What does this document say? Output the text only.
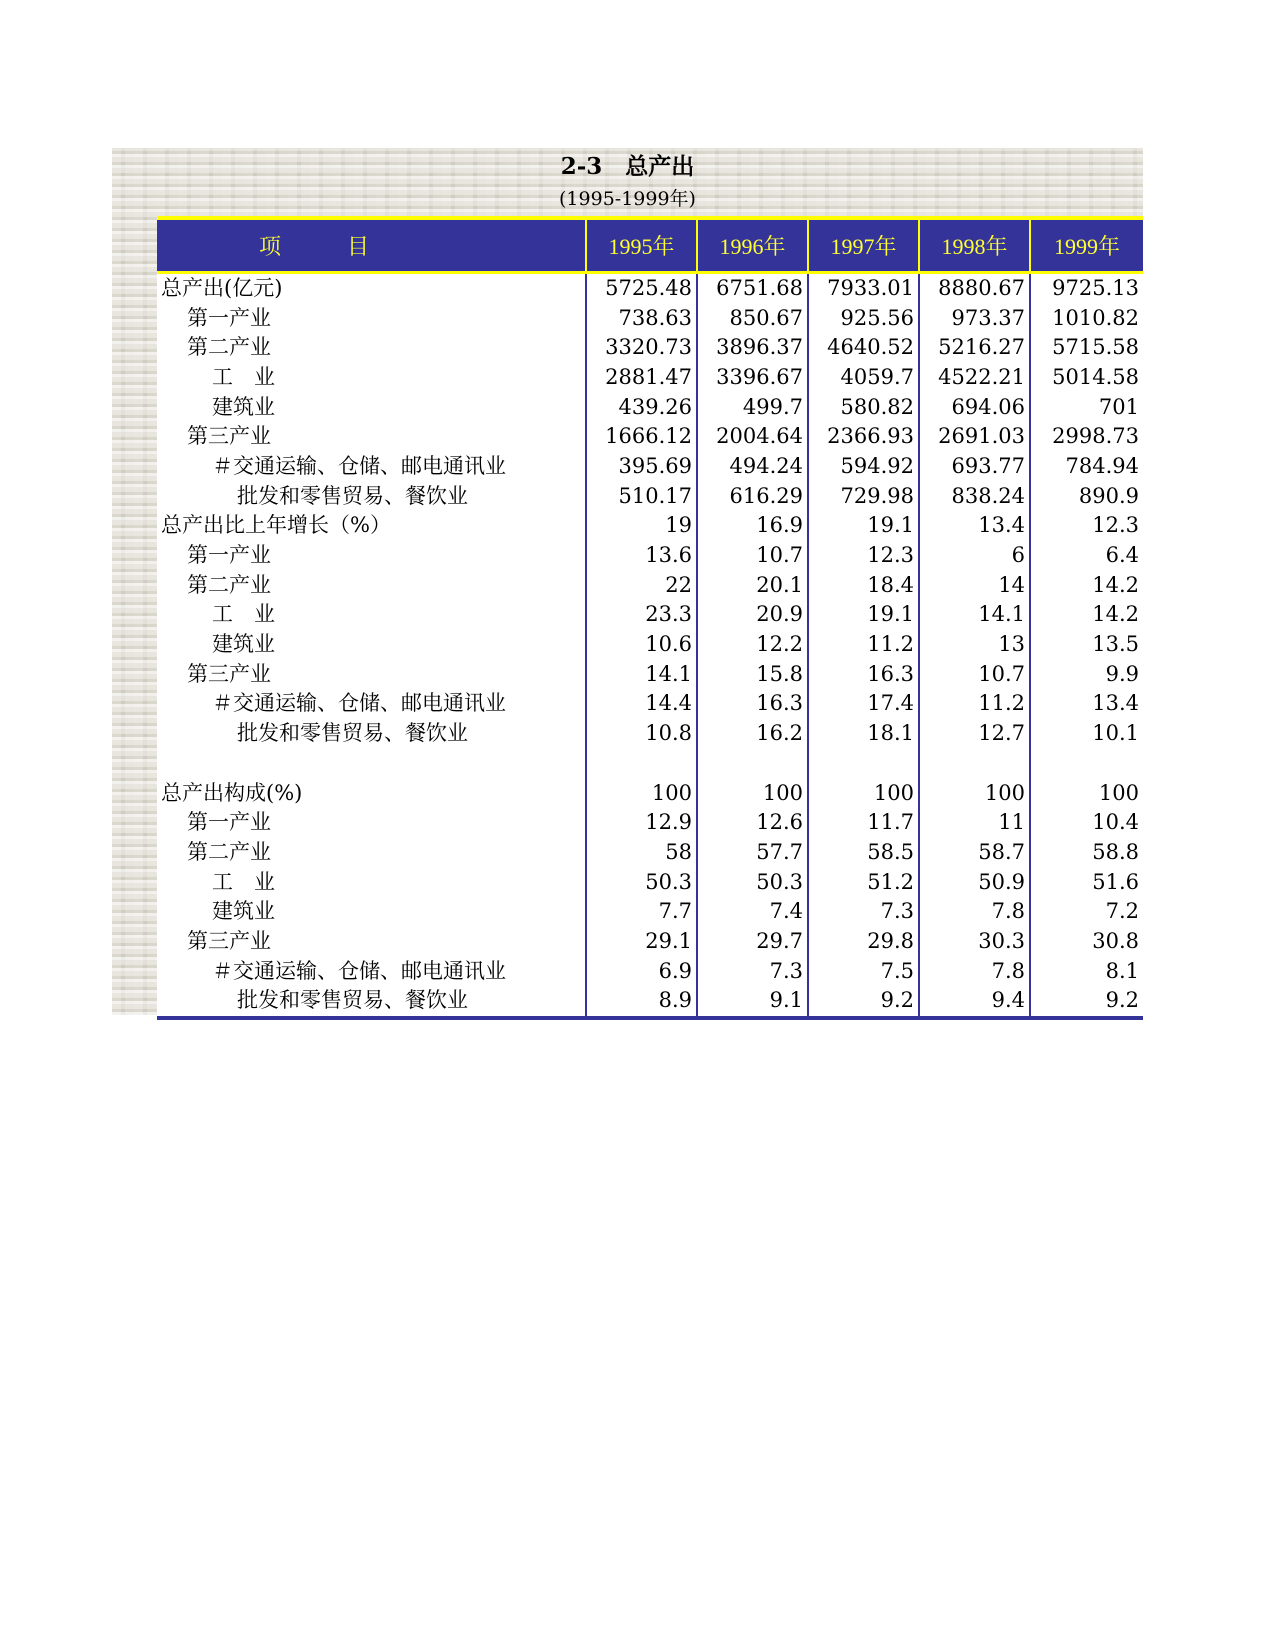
2-3　总产出
(1995-1999年)
项　　　目	1995年	1996年	1997年	1998年	1999年
总产出(亿元)	5725.48	6751.68	7933.01	8880.67	9725.13
第一产业	738.63	850.67	925.56	973.37	1010.82
第二产业	3320.73	3896.37	4640.52	5216.27	5715.58
工　业	2881.47	3396.67	4059.7	4522.21	5014.58
建筑业	439.26	499.7	580.82	694.06	701
第三产业	1666.12	2004.64	2366.93	2691.03	2998.73
＃交通运输、仓储、邮电通讯业	395.69	494.24	594.92	693.77	784.94
批发和零售贸易、餐饮业	510.17	616.29	729.98	838.24	890.9
总产出比上年增长（%）	19	16.9	19.1	13.4	12.3
第一产业	13.6	10.7	12.3	6	6.4
第二产业	22	20.1	18.4	14	14.2
工　业	23.3	20.9	19.1	14.1	14.2
建筑业	10.6	12.2	11.2	13	13.5
第三产业	14.1	15.8	16.3	10.7	9.9
＃交通运输、仓储、邮电通讯业	14.4	16.3	17.4	11.2	13.4
批发和零售贸易、餐饮业	10.8	16.2	18.1	12.7	10.1

总产出构成(%)	100	100	100	100	100
第一产业	12.9	12.6	11.7	11	10.4
第二产业	58	57.7	58.5	58.7	58.8
工　业	50.3	50.3	51.2	50.9	51.6
建筑业	7.7	7.4	7.3	7.8	7.2
第三产业	29.1	29.7	29.8	30.3	30.8
＃交通运输、仓储、邮电通讯业	6.9	7.3	7.5	7.8	8.1
批发和零售贸易、餐饮业	8.9	9.1	9.2	9.4	9.2
